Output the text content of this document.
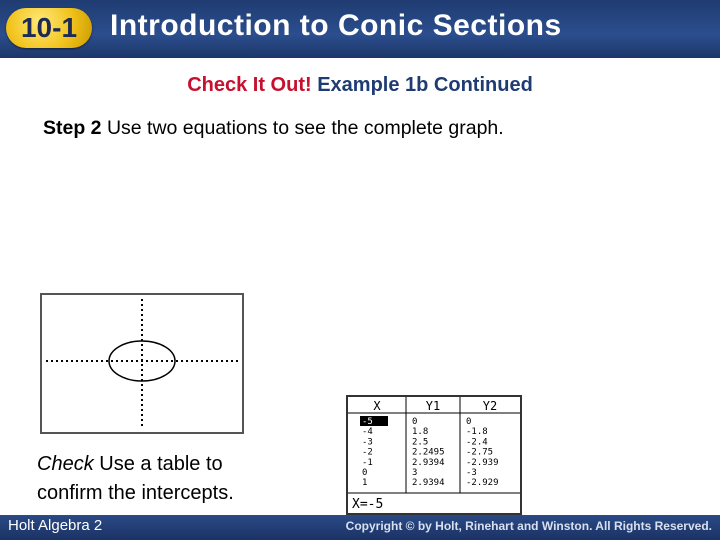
10-1	Introduction to Conic Sections
Check It Out! Example 1b Continued
Step 2 Use two equations to see the complete graph.
X	Y1	Y2
-5	0	0
-4	1.8	-1.8
-3	2.5	-2.4
-2	2.2495 -2.75
-1	2.9394 -2.939
0	3	-3
1	2.9394 -2.929
X=-5
Check Use a table to
confirm the intercepts.
Holt Algebra 2	Copyright © by Holt, Rinehart and Winston. All Rights Reserved.
